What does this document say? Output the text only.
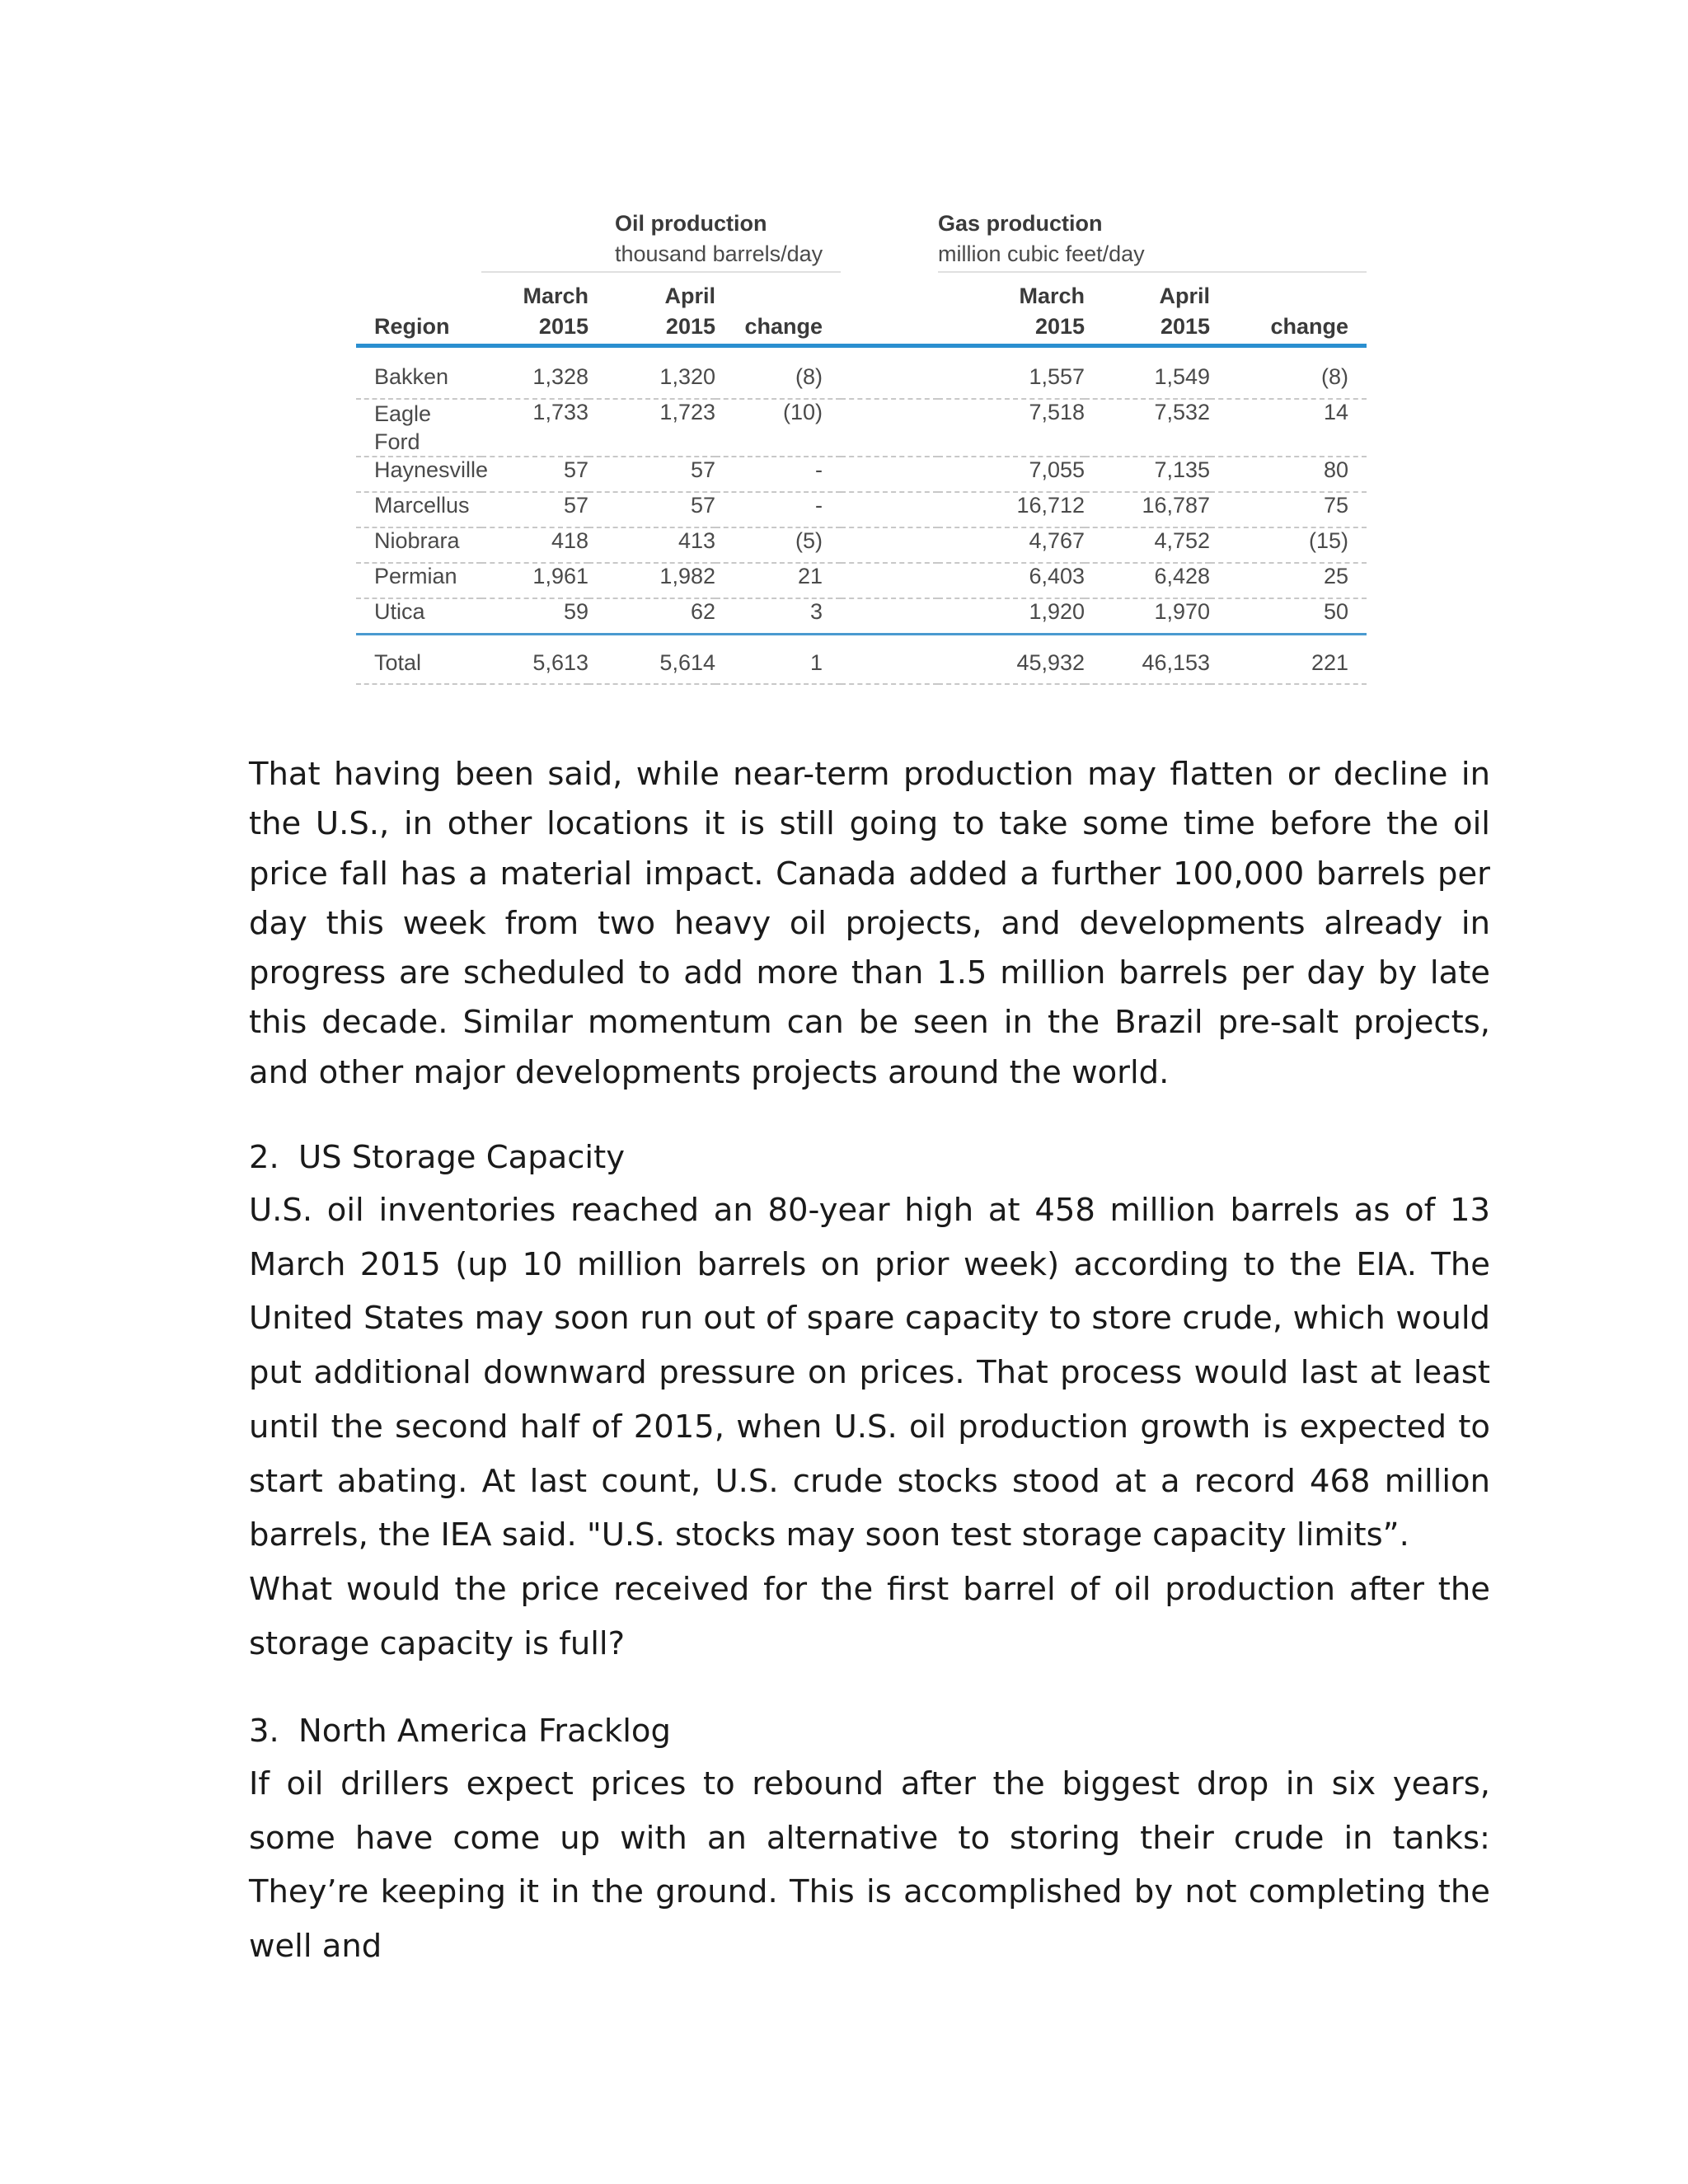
	Oil production				Gas production		
	thousand barrels/day				million cubic feet/day		
	March	April			March	April	
Region	2015	2015	change		2015	2015	change

Bakken	1,328	1,320	(8)		1,557	1,549	(8)
Eagle Ford	1,733	1,723	(10)		7,518	7,532	14
Haynesville	57	57	-		7,055	7,135	80
Marcellus	57	57	-		16,712	16,787	75
Niobrara	418	413	(5)		4,767	4,752	(15)
Permian	1,961	1,982	21		6,403	6,428	25
Utica	59	62	3		1,920	1,970	50

Total	5,613	5,614	1		45,932	46,153	221

That having been said, while near-term production may flatten or decline in the U.S., in other locations it is still going to take some time before the oil price fall has a material impact. Canada added a further 100,000 barrels per day this week from two heavy oil projects, and developments already in progress are scheduled to add more than 1.5 million barrels per day by late this decade. Similar momentum can be seen in the Brazil pre-salt projects, and other major developments projects around the world.

2. US Storage Capacity

U.S. oil inventories reached an 80-year high at 458 million barrels as of 13 March 2015 (up 10 million barrels on prior week) according to the EIA. The United States may soon run out of spare capacity to store crude, which would put additional downward pressure on prices. That process would last at least until the second half of 2015, when U.S. oil production growth is expected to start abating. At last count, U.S. crude stocks stood at a record 468 million barrels, the IEA said. "U.S. stocks may soon test storage capacity limits”.
What would the price received for the first barrel of oil production after the storage capacity is full?

3. North America Fracklog

If oil drillers expect prices to rebound after the biggest drop in six years, some have come up with an alternative to storing their crude in tanks: They’re keeping it in the ground. This is accomplished by not completing the well and
